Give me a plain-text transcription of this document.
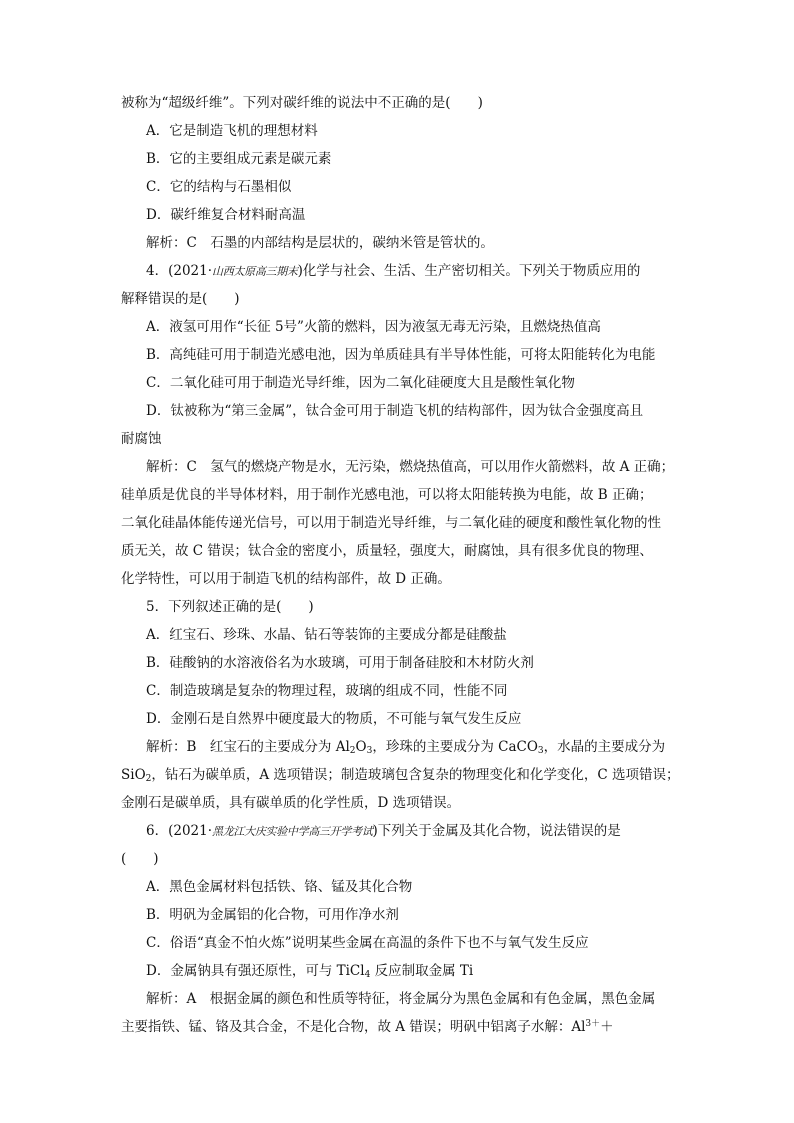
被称为“超级纤维”。下列对碳纤维的说法中不正确的是(　　)
A．它是制造飞机的理想材料
B．它的主要组成元素是碳元素
C．它的结构与石墨相似
D．碳纤维复合材料耐高温
解析：C　石墨的内部结构是层状的，碳纳米管是管状的。
4．(2021·山西太原高三期末)化学与社会、生活、生产密切相关。下列关于物质应用的
解释错误的是(　　)
A．液氢可用作“长征 5号”火箭的燃料，因为液氢无毒无污染，且燃烧热值高
B．高纯硅可用于制造光感电池，因为单质硅具有半导体性能，可将太阳能转化为电能
C．二氧化硅可用于制造光导纤维，因为二氧化硅硬度大且是酸性氧化物
D．钛被称为“第三金属”，钛合金可用于制造飞机的结构部件，因为钛合金强度高且
耐腐蚀
解析：C　氢气的燃烧产物是水，无污染，燃烧热值高，可以用作火箭燃料，故 A 正确；
硅单质是优良的半导体材料，用于制作光感电池，可以将太阳能转换为电能，故 B 正确；
二氧化硅晶体能传递光信号，可以用于制造光导纤维，与二氧化硅的硬度和酸性氧化物的性
质无关，故 C 错误；钛合金的密度小，质量轻，强度大，耐腐蚀，具有很多优良的物理、
化学特性，可以用于制造飞机的结构部件，故 D 正确。
5．下列叙述正确的是(　　)
A．红宝石、珍珠、水晶、钻石等装饰的主要成分都是硅酸盐
B．硅酸钠的水溶液俗名为水玻璃，可用于制备硅胶和木材防火剂
C．制造玻璃是复杂的物理过程，玻璃的组成不同，性能不同
D．金刚石是自然界中硬度最大的物质，不可能与氧气发生反应
解析：B　红宝石的主要成分为 $Al_2O_3$，珍珠的主要成分为 CaCO$_3$，水晶的主要成分为
SiO$_2$，钻石为碳单质，A 选项错误；制造玻璃包含复杂的物理变化和化学变化，C 选项错误；
金刚石是碳单质，具有碳单质的化学性质，D 选项错误。
6．(2021·黑龙江大庆实验中学高三开学考试)下列关于金属及其化合物，说法错误的是
(　　)
A．黑色金属材料包括铁、铬、锰及其化合物
B．明矾为金属铝的化合物，可用作净水剂
C．俗语“真金不怕火炼”说明某些金属在高温的条件下也不与氧气发生反应
D．金属钠具有强还原性，可与 TiCl$_4$ 反应制取金属 Ti
解析：A　根据金属的颜色和性质等特征，将金属分为黑色金属和有色金属，黑色金属
主要指铁、锰、铬及其合金，不是化合物，故 A 错误；明矾中铝离子水解：$Al^{3+}+$
